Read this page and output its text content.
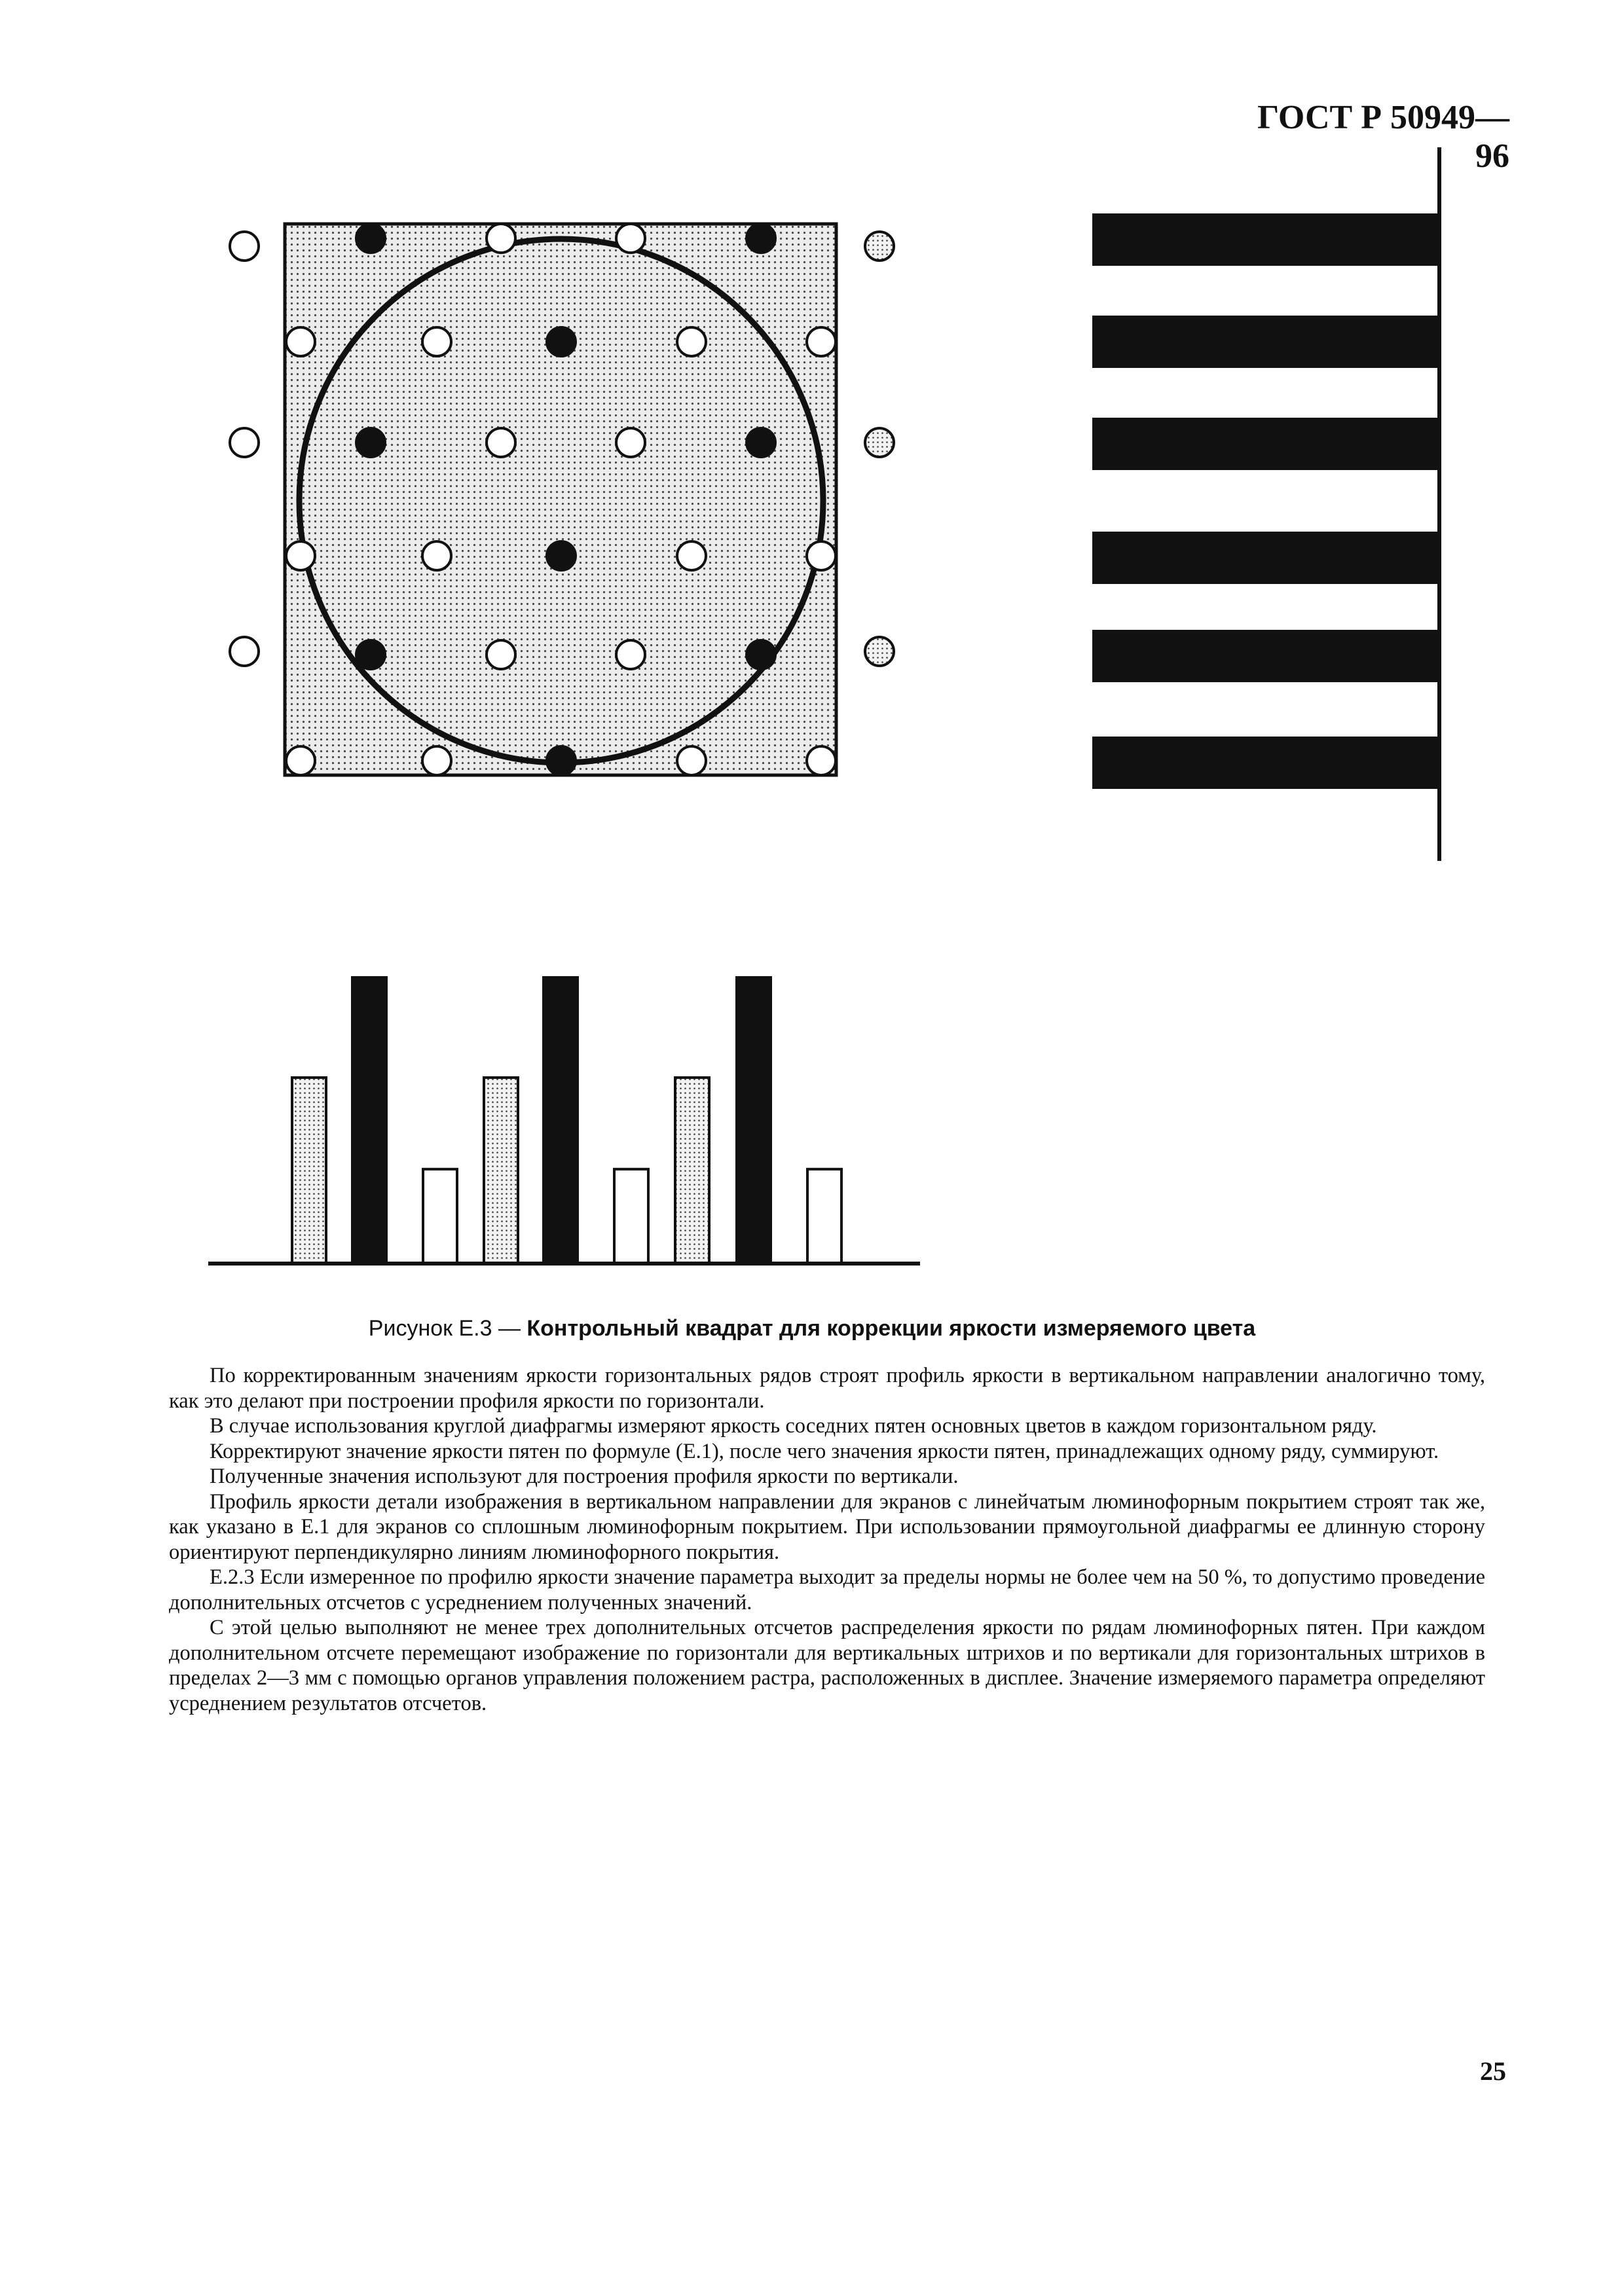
ГОСТ Р 50949—96
Рисунок Е.3 — Контрольный квадрат для коррекции яркости измеряемого цвета

По корректированным значениям яркости горизонтальных рядов строят профиль яркости в вертикальном направлении аналогично тому, как это делают при построении профиля яркости по горизонтали.

В случае использования круглой диафрагмы измеряют яркость соседних пятен основных цветов в каждом горизонтальном ряду.

Корректируют значение яркости пятен по формуле (Е.1), после чего значения яркости пятен, принадлежащих одному ряду, суммируют.

Полученные значения используют для построения профиля яркости по вертикали.

Профиль яркости детали изображения в вертикальном направлении для экранов с линейчатым люминофорным покрытием строят так же, как указано в Е.1 для экранов со сплошным люминофорным покрытием. При использовании прямоугольной диафрагмы ее длинную сторону ориентируют перпендикулярно линиям люминофорного покрытия.

Е.2.3 Если измеренное по профилю яркости значение параметра выходит за пределы нормы не более чем на 50 %, то допустимо проведение дополнительных отсчетов с усреднением полученных значений.

С этой целью выполняют не менее трех дополнительных отсчетов распределения яркости по рядам люминофорных пятен. При каждом дополнительном отсчете перемещают изображение по горизонтали для вертикальных штрихов и по вертикали для горизонтальных штрихов в пределах 2—3 мм с помощью органов управления положением растра, расположенных в дисплее. Значение измеряемого параметра определяют усреднением результатов отсчетов.

25
